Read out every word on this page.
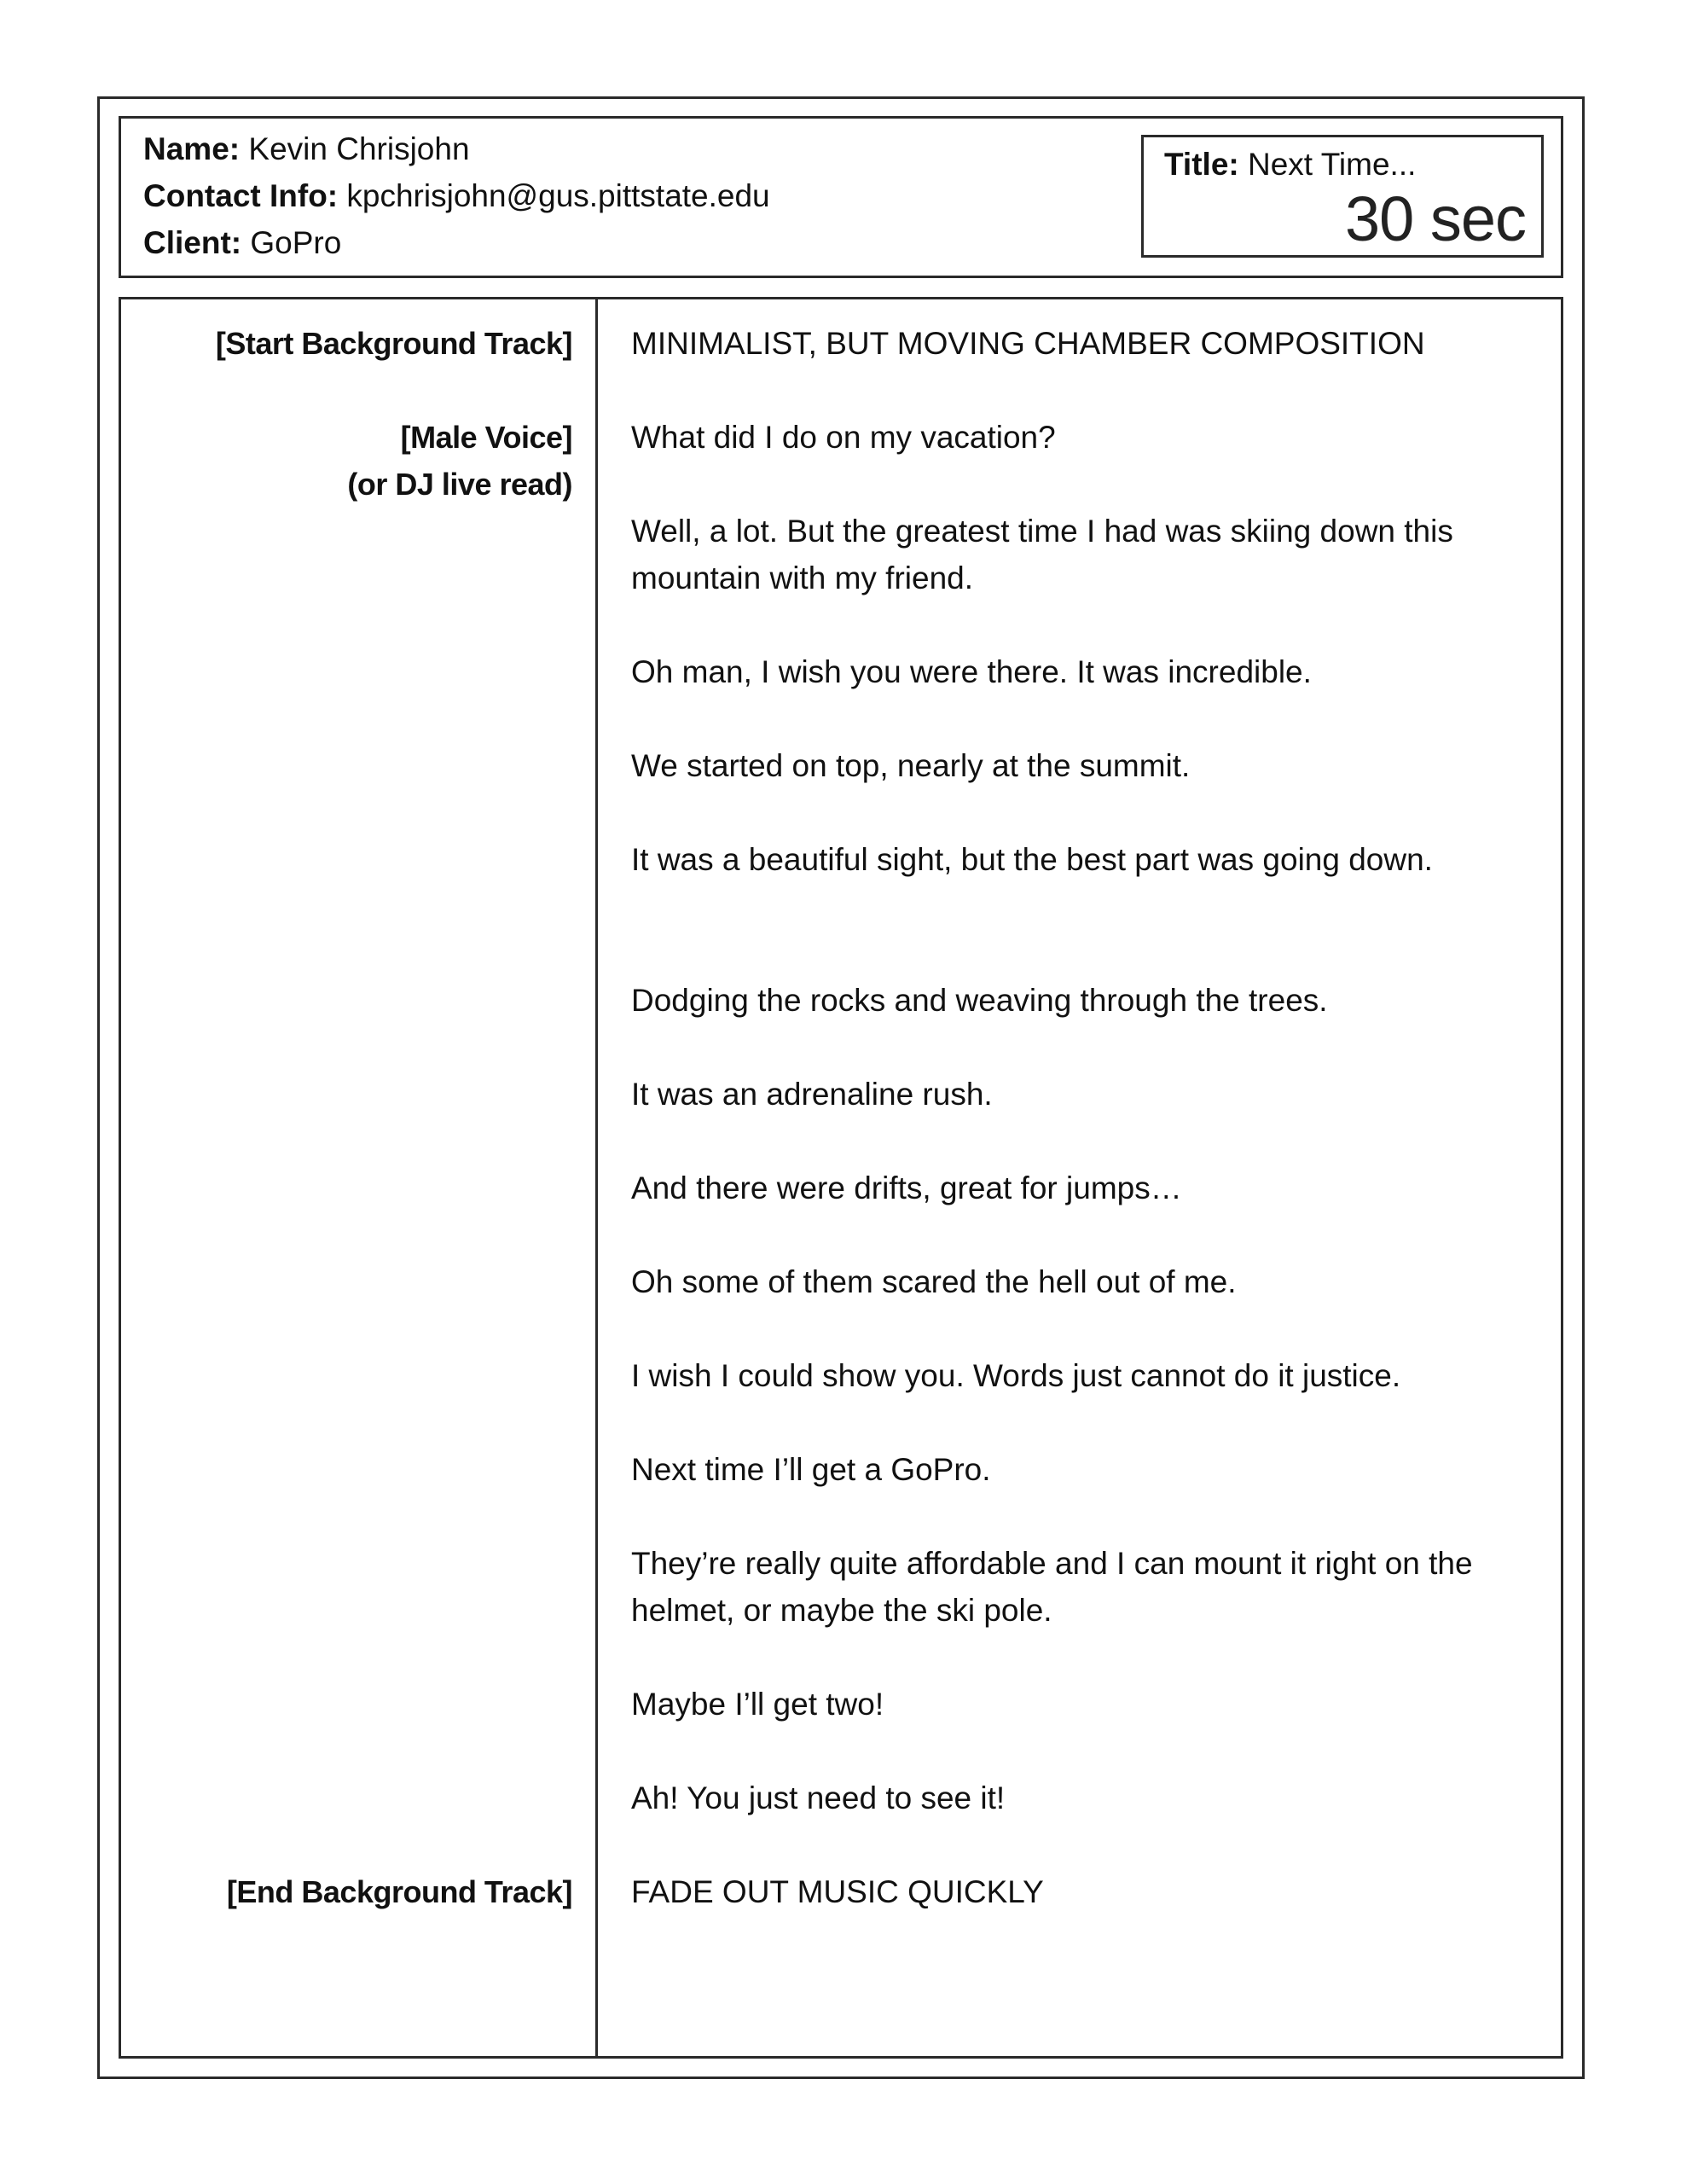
Name: Kevin Chrisjohn
Contact Info: kpchrisjohn@gus.pittstate.edu
Client: GoPro
Title: Next Time...
30 sec
[Start Background Track]
[Male Voice]
(or DJ live read)
[End Background Track]
MINIMALIST, BUT MOVING CHAMBER COMPOSITION
What did I do on my vacation?
Well, a lot. But the greatest time I had was skiing down this mountain with my friend.
Oh man, I wish you were there. It was incredible.
We started on top, nearly at the summit.
It was a beautiful sight, but the best part was going down.
Dodging the rocks and weaving through the trees.
It was an adrenaline rush.
And there were drifts, great for jumps…
Oh some of them scared the hell out of me.
I wish I could show you. Words just cannot do it justice.
Next time I’ll get a GoPro.
They’re really quite affordable and I can mount it right on the helmet, or maybe the ski pole.
Maybe I’ll get two!
Ah! You just need to see it!
FADE OUT MUSIC QUICKLY
